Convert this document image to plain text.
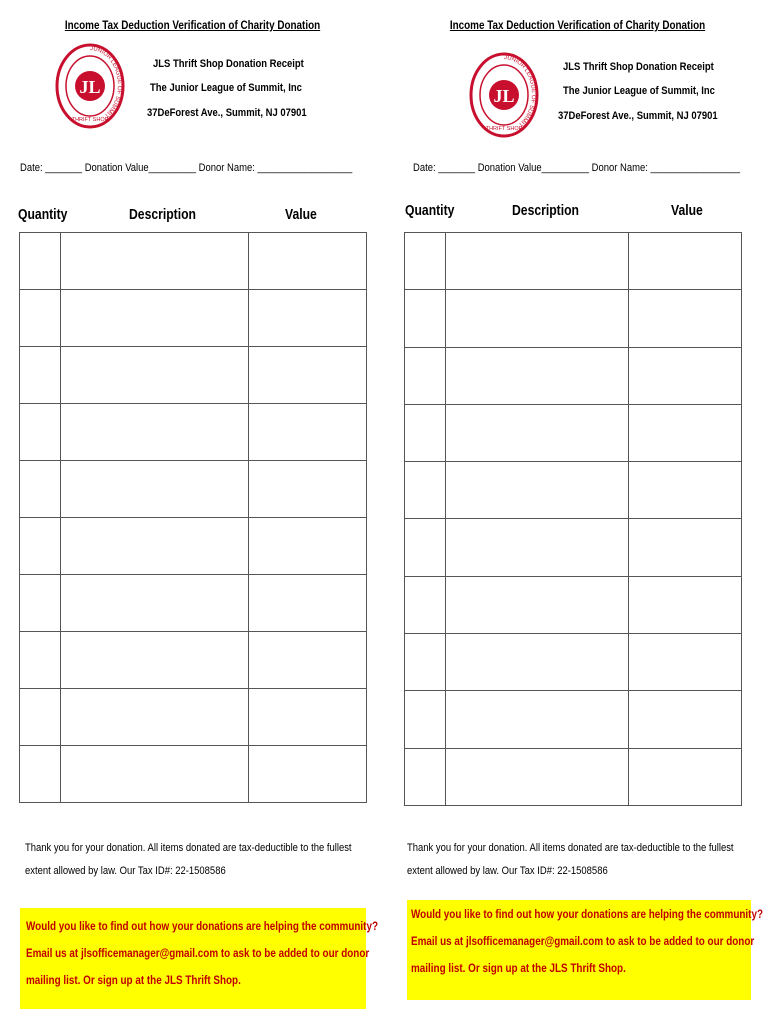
Income Tax Deduction Verification of Charity Donation
JUNIOR LEAGUE OF SUMMIT
JL
THRIFT SHOP
JLS Thrift Shop Donation Receipt
The Junior League of Summit, Inc
37DeForest Ave., Summit, NJ 07901
Date: _______ Donation Value_________ Donor Name: __________________
Quantity	Description	Value

Thank you for your donation. All items donated are tax-deductible to the fullest
extent allowed by law. Our Tax ID#: 22-1508586
Would you like to find out how your donations are helping the community?
Email us at jlsofficemanager@gmail.com to ask to be added to our donor
mailing list. Or sign up at the JLS Thrift Shop.
Income Tax Deduction Verification of Charity Donation
JUNIOR LEAGUE OF SUMMIT
JL
THRIFT SHOP
JLS Thrift Shop Donation Receipt
The Junior League of Summit, Inc
37DeForest Ave., Summit, NJ 07901
Date: _______ Donation Value_________ Donor Name: _________________
Quantity	Description	Value

Thank you for your donation. All items donated are tax-deductible to the fullest
extent allowed by law. Our Tax ID#: 22-1508586
Would you like to find out how your donations are helping the community?
Email us at jlsofficemanager@gmail.com to ask to be added to our donor
mailing list. Or sign up at the JLS Thrift Shop.
